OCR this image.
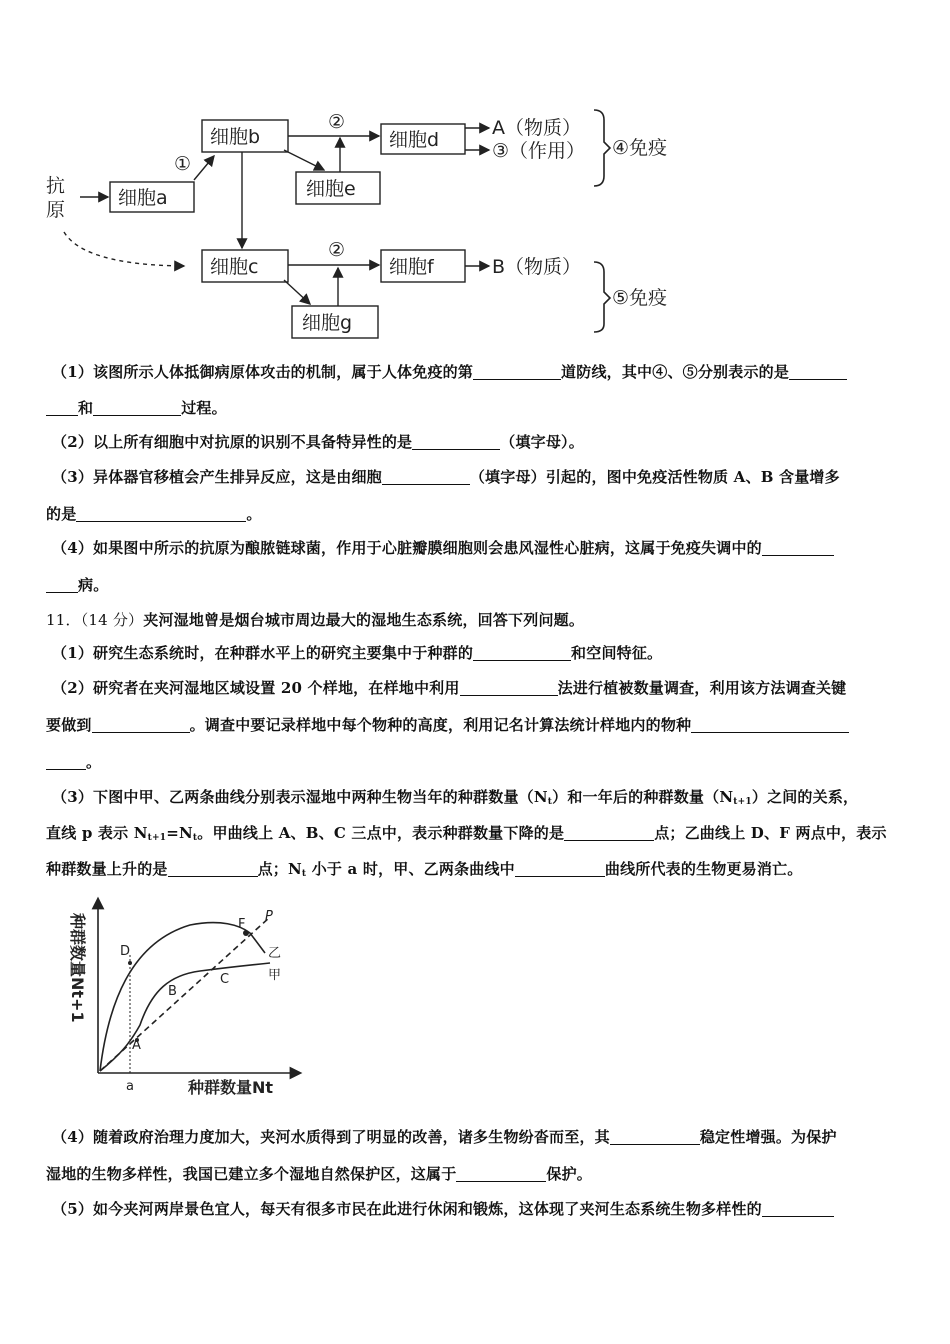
抗
原
细胞a
细胞b	细胞d
细胞e
细胞c	细胞f
细胞g
①
②
②
A（物质）
③（作用）
B（物质）
④免疫
⑤免疫
（1）该图所示人体抵御病原体攻击的机制，属于人体免疫的第	道防线，其中④、⑤分别表示的是
和	过程。
（2）以上所有细胞中对抗原的识别不具备特异性的是	（填字母）。
（3）异体器官移植会产生排异反应，这是由细胞	（填字母）引起的，图中免疫活性物质 A、B 含量增多
的是	。
（4）如果图中所示的抗原为酿脓链球菌，作用于心脏瓣膜细胞则会患风湿性心脏病，这属于免疫失调中的
病。
11．（14 分）夹河湿地曾是烟台城市周边最大的湿地生态系统，回答下列问题。
（1）研究生态系统时，在种群水平上的研究主要集中于种群的	和空间特征。
（2）研究者在夹河湿地区域设置 20 个样地，在样地中利用	法进行植被数量调查，利用该方法调查关键
要做到	。调查中要记录样地中每个物种的高度，利用记名计算法统计样地内的物种
。
（3）下图中甲、乙两条曲线分别表示湿地中两种生物当年的种群数量$(N_t)$和一年后的种群数量$(N_{t+1})$之间的关系，
直线 p 表示 $N_{t+1}=N_t$。甲曲线上 A、B、C 三点中，表示种群数量下降的是	点；乙曲线上 D、F 两点中，表示
种群数量上升的是	点；$N_t$ 小于 a 时，甲、乙两条曲线中	曲线所代表的生物更易消亡。
D
F
P
乙
甲
C
B
A
a	种群数量Nt
种群数量Nt+1
（4）随着政府治理力度加大，夹河水质得到了明显的改善，诸多生物纷沓而至，其	稳定性增强。为保护
湿地的生物多样性，我国已建立多个湿地自然保护区，这属于	保护。
（5）如今夹河两岸景色宜人，每天有很多市民在此进行休闲和锻炼，这体现了夹河生态系统生物多样性的
